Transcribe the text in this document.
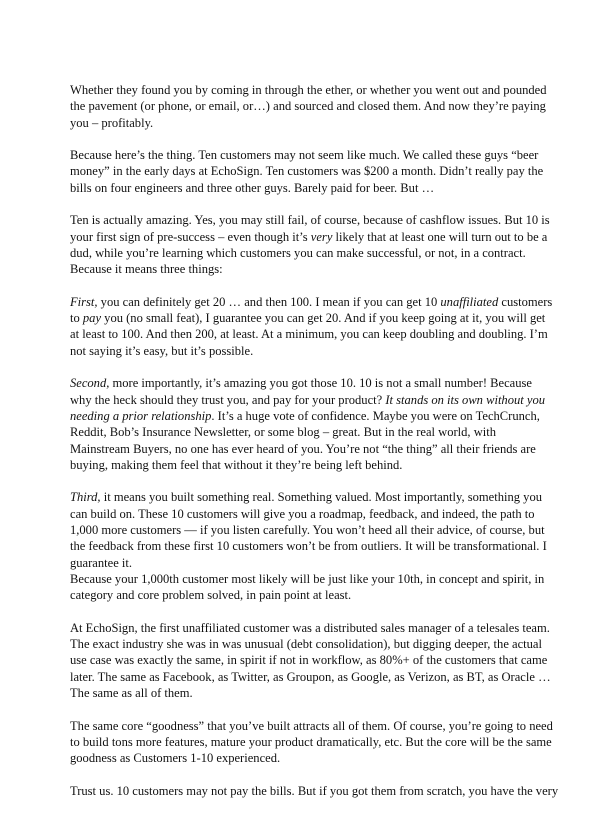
Whether they found you by coming in through the ether, or whether you went out and pounded
the pavement (or phone, or email, or…) and sourced and closed them. And now they’re paying
you – profitably.

Because here’s the thing. Ten customers may not seem like much. We called these guys “beer
money” in the early days at EchoSign. Ten customers was $200 a month. Didn’t really pay the
bills on four engineers and three other guys. Barely paid for beer. But …

Ten is actually amazing. Yes, you may still fail, of course, because of cashflow issues. But 10 is
your first sign of pre-success – even though it’s very likely that at least one will turn out to be a
dud, while you’re learning which customers you can make successful, or not, in a contract.
Because it means three things:

First, you can definitely get 20 … and then 100. I mean if you can get 10 unaffiliated customers
to pay you (no small feat), I guarantee you can get 20. And if you keep going at it, you will get
at least to 100. And then 200, at least. At a minimum, you can keep doubling and doubling. I’m
not saying it’s easy, but it’s possible.

Second, more importantly, it’s amazing you got those 10. 10 is not a small number! Because
why the heck should they trust you, and pay for your product? It stands on its own without you
needing a prior relationship. It’s a huge vote of confidence. Maybe you were on TechCrunch,
Reddit, Bob’s Insurance Newsletter, or some blog – great. But in the real world, with
Mainstream Buyers, no one has ever heard of you. You’re not “the thing” all their friends are
buying, making them feel that without it they’re being left behind.

Third, it means you built something real. Something valued. Most importantly, something you
can build on. These 10 customers will give you a roadmap, feedback, and indeed, the path to
1,000 more customers — if you listen carefully. You won’t heed all their advice, of course, but
the feedback from these first 10 customers won’t be from outliers. It will be transformational. I
guarantee it.

Because your 1,000th customer most likely will be just like your 10th, in concept and spirit, in
category and core problem solved, in pain point at least.

At EchoSign, the first unaffiliated customer was a distributed sales manager of a telesales team.
The exact industry she was in was unusual (debt consolidation), but digging deeper, the actual
use case was exactly the same, in spirit if not in workflow, as 80%+ of the customers that came
later. The same as Facebook, as Twitter, as Groupon, as Google, as Verizon, as BT, as Oracle …
The same as all of them.

The same core “goodness” that you’ve built attracts all of them. Of course, you’re going to need
to build tons more features, mature your product dramatically, etc. But the core will be the same
goodness as Customers 1-10 experienced.

Trust us. 10 customers may not pay the bills. But if you got them from scratch, you have the very
